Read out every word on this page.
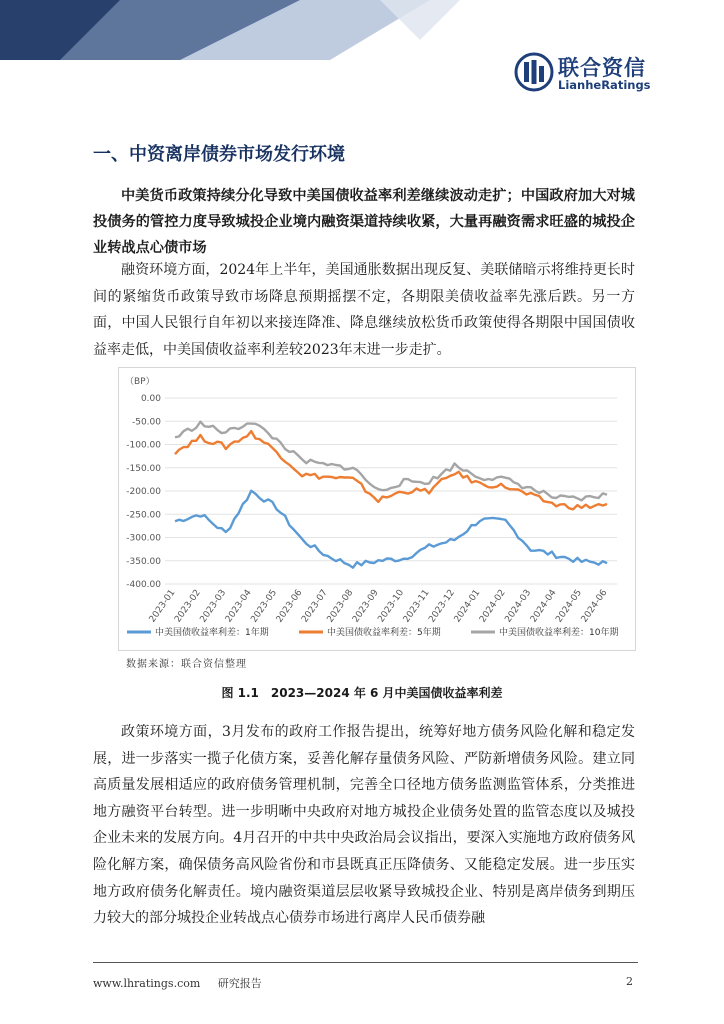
联合资信
LianheRatings
一、中资离岸债券市场发行环境
中美货币政策持续分化导致中美国债收益率利差继续波动走扩；中国政府加大对城投债务的管控力度导致城投企业境内融资渠道持续收紧，大量再融资需求旺盛的城投企业转战点心债市场
融资环境方面，2024年上半年，美国通胀数据出现反复、美联储暗示将维持更长时间的紧缩货币政策导致市场降息预期摇摆不定，各期限美债收益率先涨后跌。另一方面，中国人民银行自年初以来接连降准、降息继续放松货币政策使得各期限中国国债收益率走低，中美国债收益率利差较2023年末进一步走扩。
（BP）
0.00
-50.00
-100.00
-150.00
-200.00
-250.00
-300.00
-350.00
-400.00
2023-01
2023-02
2023-03
2023-04
2023-05
2023-06
2023-07
2023-08
2023-09
2023-10
2023-11
2023-12
2024-01
2024-02
2024-03
2024-04
2024-05
2024-06
中美国债收益率利差：1年期	中美国债收益率利差：5年期	中美国债收益率利差：10年期
数据来源：联合资信整理
图 1.1　2023—2024 年 6 月中美国债收益率利差
政策环境方面，3月发布的政府工作报告提出，统筹好地方债务风险化解和稳定发展，进一步落实一揽子化债方案，妥善化解存量债务风险、严防新增债务风险。建立同高质量发展相适应的政府债务管理机制，完善全口径地方债务监测监管体系，分类推进地方融资平台转型。进一步明晰中央政府对地方城投企业债务处置的监管态度以及城投企业未来的发展方向。4月召开的中共中央政治局会议指出，要深入实施地方政府债务风险化解方案，确保债务高风险省份和市县既真正压降债务、又能稳定发展。进一步压实地方政府债务化解责任。境内融资渠道层层收紧导致城投企业、特别是离岸债务到期压力较大的部分城投企业转战点心债券市场进行离岸人民币债券融
www.lhratings.com 研究报告	2
